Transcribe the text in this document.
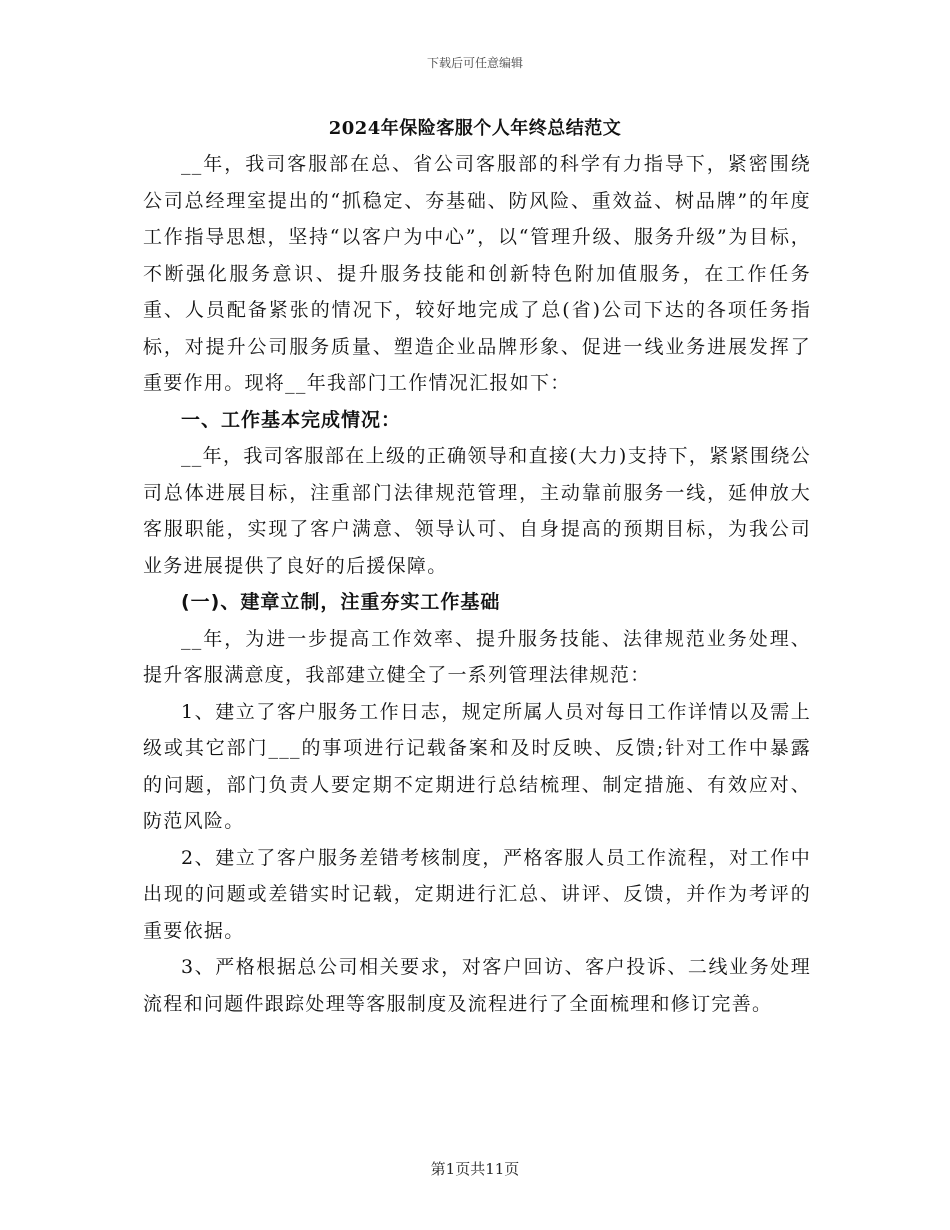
下载后可任意编辑
2024年保险客服个人年终总结范文

__年，我司客服部在总、省公司客服部的科学有力指导下，紧密围绕公司总经理室提出的“抓稳定、夯基础、防风险、重效益、树品牌”的年度工作指导思想，坚持“以客户为中心”，以“管理升级、服务升级”为目标，不断强化服务意识、提升服务技能和创新特色附加值服务，在工作任务重、人员配备紧张的情况下，较好地完成了总(省)公司下达的各项任务指标，对提升公司服务质量、塑造企业品牌形象、促进一线业务进展发挥了重要作用。现将__年我部门工作情况汇报如下：

一、工作基本完成情况：

__年，我司客服部在上级的正确领导和直接(大力)支持下，紧紧围绕公司总体进展目标，注重部门法律规范管理，主动靠前服务一线，延伸放大客服职能，实现了客户满意、领导认可、自身提高的预期目标，为我公司业务进展提供了良好的后援保障。

(一)、建章立制，注重夯实工作基础

__年，为进一步提高工作效率、提升服务技能、法律规范业务处理、提升客服满意度，我部建立健全了一系列管理法律规范：

1、建立了客户服务工作日志，规定所属人员对每日工作详情以及需上级或其它部门___的事项进行记载备案和及时反映、反馈;针对工作中暴露的问题，部门负责人要定期不定期进行总结梳理、制定措施、有效应对、防范风险。

2、建立了客户服务差错考核制度，严格客服人员工作流程，对工作中出现的问题或差错实时记载，定期进行汇总、讲评、反馈，并作为考评的重要依据。

3、严格根据总公司相关要求，对客户回访、客户投诉、二线业务处理流程和问题件跟踪处理等客服制度及流程进行了全面梳理和修订完善。

第1页共11页
